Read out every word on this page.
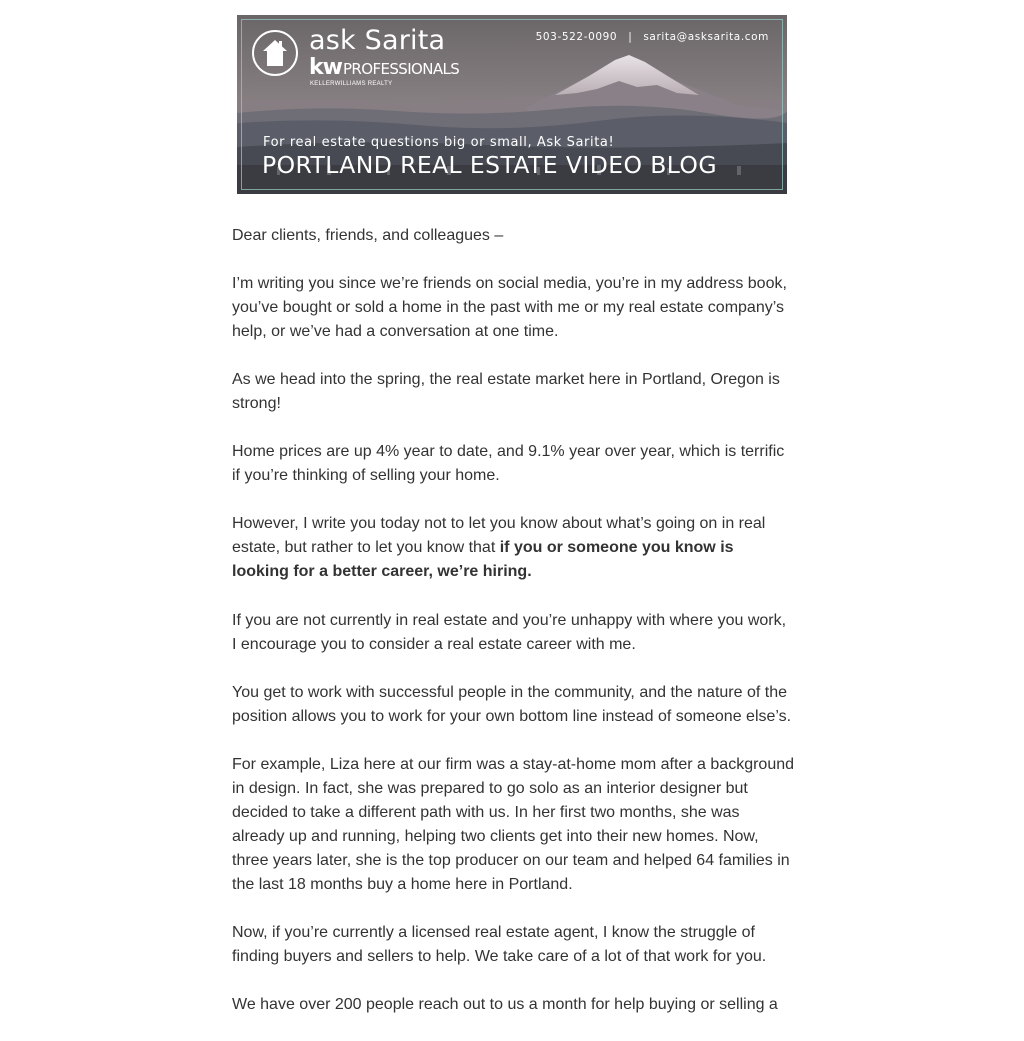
ask Sarita
kwPROFESSIONALS
KELLERWILLIAMS REALTY
503-522-0090 | sarita@asksarita.com
For real estate questions big or small, Ask Sarita!
PORTLAND REAL ESTATE VIDEO BLOG

Dear clients, friends, and colleagues –

I’m writing you since we’re friends on social media, you’re in my address book, you’ve bought or sold a home in the past with me or my real estate company’s help, or we’ve had a conversation at one time.

As we head into the spring, the real estate market here in Portland, Oregon is strong!

Home prices are up 4% year to date, and 9.1% year over year, which is terrific if you’re thinking of selling your home.

However, I write you today not to let you know about what’s going on in real estate, but rather to let you know that if you or someone you know is looking for a better career, we’re hiring.

If you are not currently in real estate and you’re unhappy with where you work, I encourage you to consider a real estate career with me.

You get to work with successful people in the community, and the nature of the position allows you to work for your own bottom line instead of someone else’s.

For example, Liza here at our firm was a stay-at-home mom after a background in design. In fact, she was prepared to go solo as an interior designer but decided to take a different path with us. In her first two months, she was already up and running, helping two clients get into their new homes. Now, three years later, she is the top producer on our team and helped 64 families in the last 18 months buy a home here in Portland.

Now, if you’re currently a licensed real estate agent, I know the struggle of finding buyers and sellers to help. We take care of a lot of that work for you.

We have over 200 people reach out to us a month for help buying or selling a
